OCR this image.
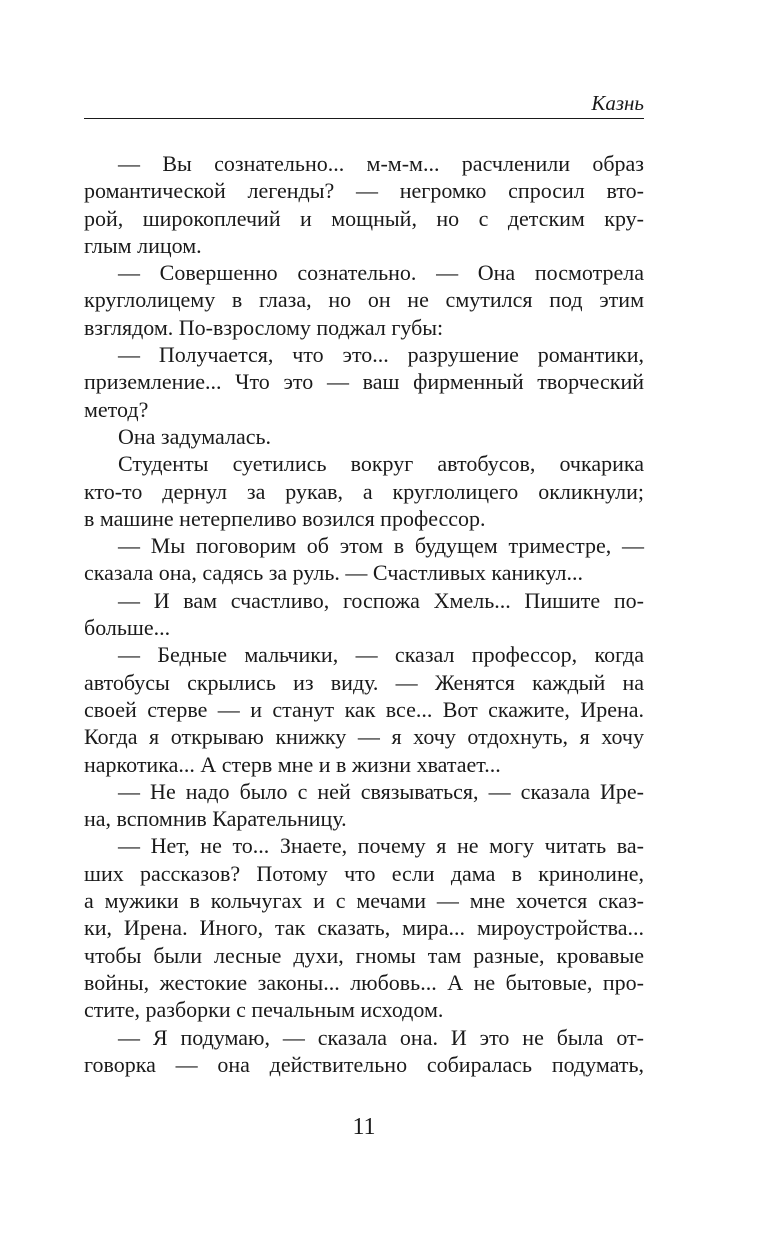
Казнь
— Вы сознательно... м-м-м... расчленили образ
романтической легенды? — негромко спросил вто-
рой, широкоплечий и мощный, но с детским кру-
глым лицом.
— Совершенно сознательно. — Она посмотрела
круглолицему в глаза, но он не смутился под этим
взглядом. По-взрослому поджал губы:
— Получается, что это... разрушение романтики,
приземление... Что это — ваш фирменный творческий
метод?
Она задумалась.
Студенты суетились вокруг автобусов, очкарика
кто-то дернул за рукав, а круглолицего окликнули;
в машине нетерпеливо возился профессор.
— Мы поговорим об этом в будущем триместре, —
сказала она, садясь за руль. — Счастливых каникул...
— И вам счастливо, госпожа Хмель... Пишите по-
больше...
— Бедные мальчики, — сказал профессор, когда
автобусы скрылись из виду. — Женятся каждый на
своей стерве — и станут как все... Вот скажите, Ирена.
Когда я открываю книжку — я хочу отдохнуть, я хочу
наркотика... А стерв мне и в жизни хватает...
— Не надо было с ней связываться, — сказала Ире-
на, вспомнив Карательницу.
— Нет, не то... Знаете, почему я не могу читать ва-
ших рассказов? Потому что если дама в кринолине,
а мужики в кольчугах и с мечами — мне хочется сказ-
ки, Ирена. Иного, так сказать, мира... мироустройства...
чтобы были лесные духи, гномы там разные, кровавые
войны, жестокие законы... любовь... А не бытовые, про-
стите, разборки с печальным исходом.
— Я подумаю, — сказала она. И это не была от-
говорка — она действительно собиралась подумать,
11
